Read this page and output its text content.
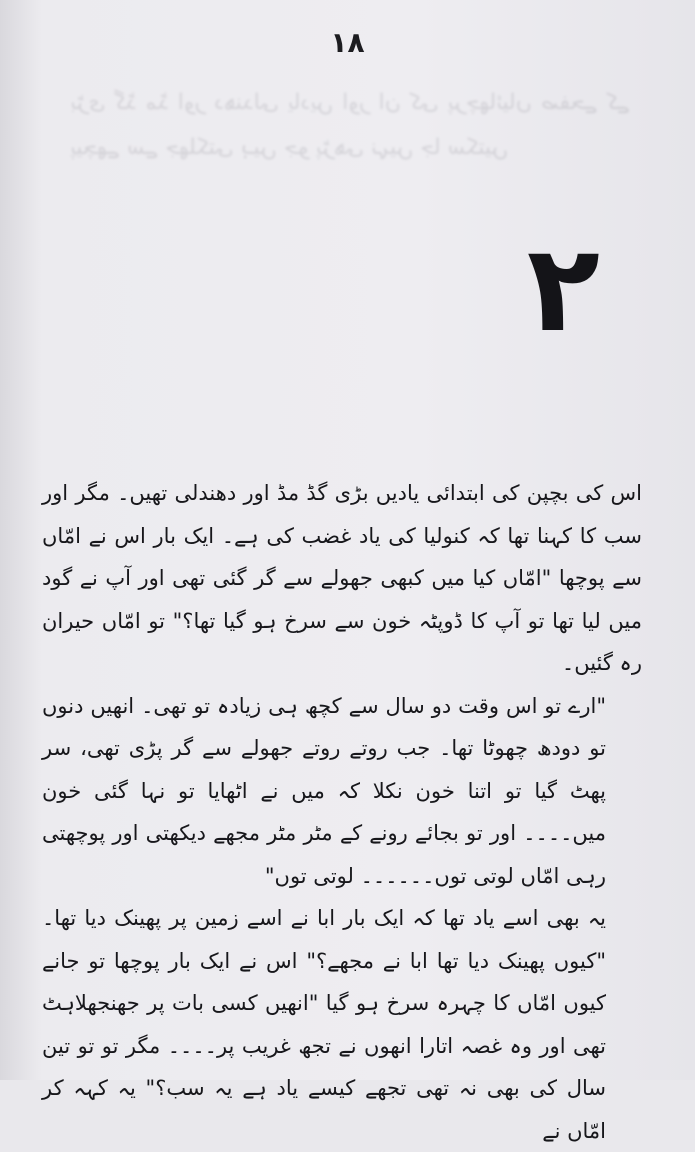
۱۸
بڑی گڈ مڈ اور دھندلی یادیں اور ان کی پرچھائیاں صفحے کے پیچھے سے جھلکتی ہیں جو پڑھی نہیں جا سکتیں
۲

اس کی بچپن کی ابتدائی یادیں بڑی گڈ مڈ اور دھندلی تھیں۔ مگر اور سب کا کہنا تھا کہ کنولیا کی یاد غضب کی ہے۔ ایک بار اس نے امّاں سے پوچھا "امّاں کیا میں کبھی جھولے سے گر گئی تھی اور آپ نے گود میں لیا تھا تو آپ کا ڈوپٹہ خون سے سرخ ہو گیا تھا؟" تو امّاں حیران رہ گئیں۔

"ارے تو اس وقت دو سال سے کچھ ہی زیادہ تو تھی۔ انھیں دنوں تو دودھ چھوٹا تھا۔ جب روتے روتے جھولے سے گر پڑی تھی، سر پھٹ گیا تو اتنا خون نکلا کہ میں نے اٹھایا تو نہا گئی خون میں۔۔۔۔ اور تو بجائے رونے کے مٹر مٹر مجھے دیکھتی اور پوچھتی رہی امّاں لوتی توں۔۔۔۔۔۔ لوتی توں"

یہ بھی اسے یاد تھا کہ ایک بار ابا نے اسے زمین پر پھینک دیا تھا۔ "کیوں پھینک دیا تھا ابا نے مجھے؟" اس نے ایک بار پوچھا تو جانے کیوں امّاں کا چہرہ سرخ ہو گیا "انھیں کسی بات پر جھنجھلاہٹ تھی اور وہ غصہ اتارا انھوں نے تجھ غریب پر۔۔۔۔ مگر تو تو تین سال کی بھی نہ تھی تجھے کیسے یاد ہے یہ سب؟" یہ کہہ کر امّاں نے
